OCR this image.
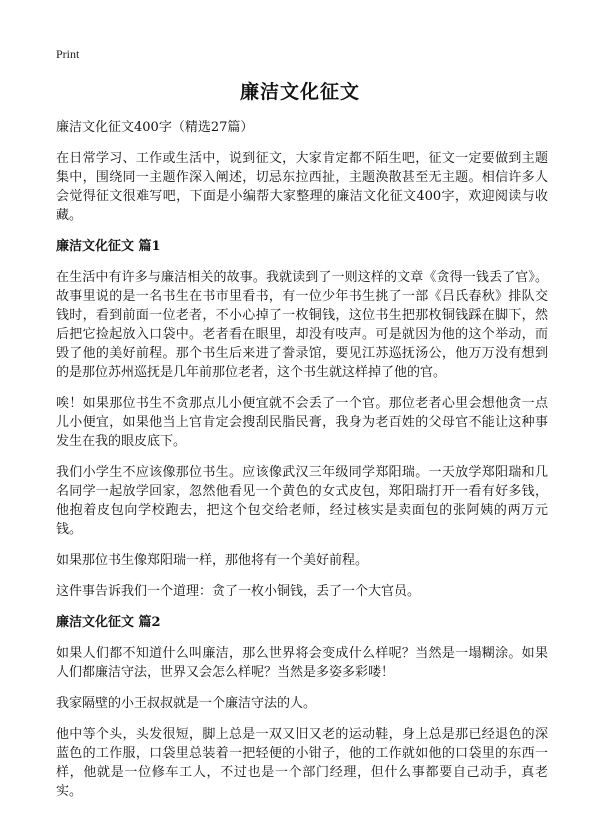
Print
廉洁文化征文

廉洁文化征文400字（精选27篇）

在日常学习、工作或生活中，说到征文，大家肯定都不陌生吧，征文一定要做到主题集中，围绕同一主题作深入阐述，切忌东拉西扯，主题涣散甚至无主题。相信许多人会觉得征文很难写吧，下面是小编帮大家整理的廉洁文化征文400字，欢迎阅读与收藏。

廉洁文化征文 篇1

在生活中有许多与廉洁相关的故事。我就读到了一则这样的文章《贪得一钱丢了官》。故事里说的是一名书生在书市里看书，有一位少年书生挑了一部《吕氏春秋》排队交钱时，看到前面一位老者，不小心掉了一枚铜钱，这位书生把那枚铜钱踩在脚下，然后把它捡起放入口袋中。老者看在眼里，却没有吱声。可是就因为他的这个举动，而毁了他的美好前程。那个书生后来进了誊录馆，要见江苏巡抚汤公，他万万没有想到的是那位苏州巡抚是几年前那位老者，这个书生就这样掉了他的官。

唉！如果那位书生不贪那点儿小便宜就不会丢了一个官。那位老者心里会想他贪一点儿小便宜，如果他当上官肯定会搜刮民脂民膏，我身为老百姓的父母官不能让这种事发生在我的眼皮底下。

我们小学生不应该像那位书生。应该像武汉三年级同学郑阳瑞。一天放学郑阳瑞和几名同学一起放学回家，忽然他看见一个黄色的女式皮包，郑阳瑞打开一看有好多钱，他抱着皮包向学校跑去，把这个包交给老师，经过核实是卖面包的张阿姨的两万元钱。

如果那位书生像郑阳瑞一样，那他将有一个美好前程。

这件事告诉我们一个道理：贪了一枚小铜钱，丢了一个大官员。

廉洁文化征文 篇2

如果人们都不知道什么叫廉洁，那么世界将会变成什么样呢？当然是一塌糊涂。如果人们都廉洁守法，世界又会怎么样呢？当然是多姿多彩喽！

我家隔壁的小王叔叔就是一个廉洁守法的人。

他中等个头，头发很短，脚上总是一双又旧又老的运动鞋，身上总是那已经退色的深蓝色的工作服，口袋里总装着一把轻便的小钳子，他的工作就如他的口袋里的东西一样，他就是一位修车工人，不过也是一个部门经理，但什么事都要自己动手，真老实。
